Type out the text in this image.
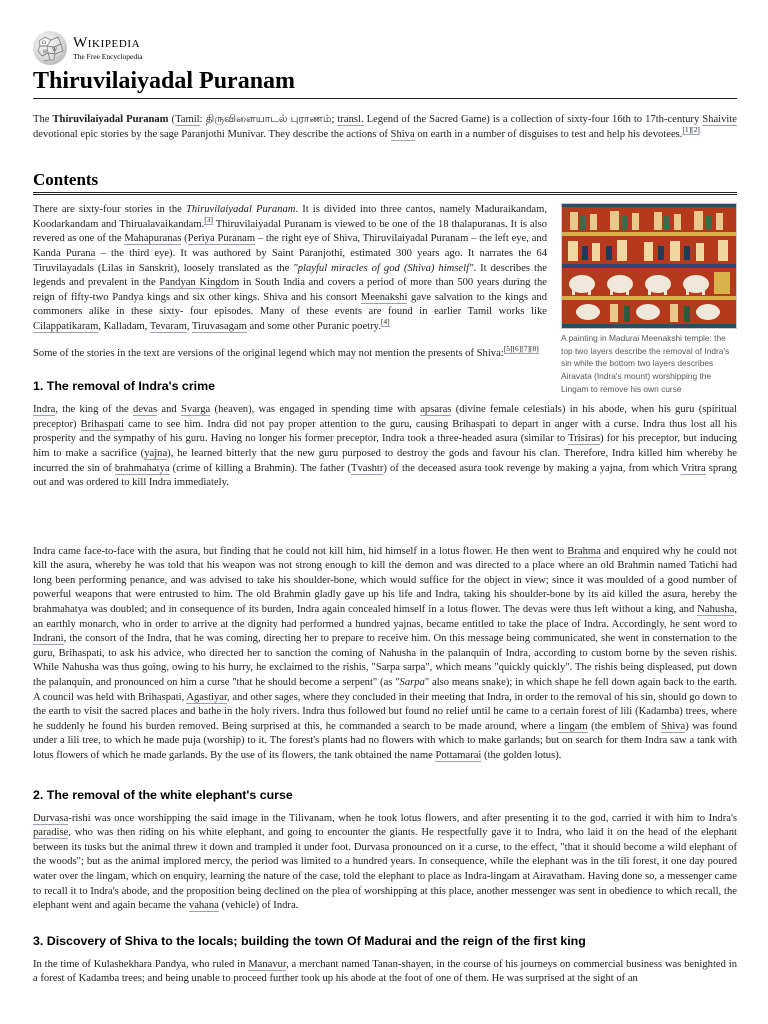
Ω
W
И
Wikipedia
The Free Encyclopedia
Thiruvilaiyadal Puranam

The Thiruvilaiyadal Puranam (Tamil: திருவிளையாடல் புராணம்; transl. Legend of the Sacred Game) is a collection of sixty-four 16th to 17th-century Shaivite devotional epic stories by the sage Paranjothi Munivar. They describe the actions of Shiva on earth in a number of disguises to test and help his devotees.[1][2]

Contents
A painting in Madurai Meenakshi temple: the top two layers describe the removal of Indra's sin while the bottom two layers describes Airavata (Indra's mount) worshipping the Lingam to remove his own curse

There are sixty-four stories in the Thiruvilaiyadal Puranam. It is divided into three cantos, namely Maduraikandam, Koodarkandam and Thirualavaikandam.[3] Thiruvilaiyadal Puranam is viewed to be one of the 18 thalapuranas. It is also revered as one of the Mahapuranas (Periya Puranam – the right eye of Shiva, Thiruvilaiyadal Puranam – the left eye, and Kanda Purana – the third eye). It was authored by Saint Paranjothi, estimated 300 years ago. It narrates the 64 Tiruvilayadals (Lilas in Sanskrit), loosely translated as the "playful miracles of god (Shiva) himself". It describes the legends and prevalent in the Pandyan Kingdom in South India and covers a period of more than 500 years during the reign of fifty-two Pandya kings and six other kings. Shiva and his consort Meenakshi gave salvation to the kings and commoners alike in these sixty- four episodes. Many of these events are found in earlier Tamil works like Cilappatikaram, Kalladam, Tevaram, Tiruvasagam and some other Puranic poetry.[4]

Some of the stories in the text are versions of the original legend which may not mention the presents of Shiva:[5][6][7][8]

1. The removal of Indra's crime

Indra, the king of the devas and Svarga (heaven), was engaged in spending time with apsaras (divine female celestials) in his abode, when his guru (spiritual preceptor) Brihaspati came to see him. Indra did not pay proper attention to the guru, causing Brihaspati to depart in anger with a curse. Indra thus lost all his prosperity and the sympathy of his guru. Having no longer his former preceptor, Indra took a three-headed asura (similar to Trisiras) for his preceptor, but inducing him to make a sacrifice (yajna), he learned bitterly that the new guru purposed to destroy the gods and favour his clan. Therefore, Indra killed him whereby he incurred the sin of brahmahatya (crime of killing a Brahmin). The father (Tvashtr) of the deceased asura took revenge by making a yajna, from which Vritra sprang out and was ordered to kill Indra immediately.

Indra came face-to-face with the asura, but finding that he could not kill him, hid himself in a lotus flower. He then went to Brahma and enquired why he could not kill the asura, whereby he was told that his weapon was not strong enough to kill the demon and was directed to a place where an old Brahmin named Tatichi had long been performing penance, and was advised to take his shoulder-bone, which would suffice for the object in view; since it was moulded of a good number of powerful weapons that were entrusted to him. The old Brahmin gladly gave up his life and Indra, taking his shoulder-bone by its aid killed the asura, hereby the brahmahatya was doubled; and in consequence of its burden, Indra again concealed himself in a lotus flower. The devas were thus left without a king, and Nahusha, an earthly monarch, who in order to arrive at the dignity had performed a hundred yajnas, became entitled to take the place of Indra. Accordingly, he sent word to Indrani, the consort of the Indra, that he was coming, directing her to prepare to receive him. On this message being communicated, she went in consternation to the guru, Brihaspati, to ask his advice, who directed her to sanction the coming of Nahusha in the palanquin of Indra, according to custom borne by the seven rishis. While Nahusha was thus going, owing to his hurry, he exclaimed to the rishis, "Sarpa sarpa", which means "quickly quickly". The rishis being displeased, put down the palanquin, and pronounced on him a curse "that he should become a serpent" (as "Sarpa" also means snake); in which shape he fell down again back to the earth. A council was held with Brihaspati, Agastiyar, and other sages, where they concluded in their meeting that Indra, in order to the removal of his sin, should go down to the earth to visit the sacred places and bathe in the holy rivers. Indra thus followed but found no relief until he came to a certain forest of lili (Kadamba) trees, where he suddenly he found his burden removed. Being surprised at this, he commanded a search to be made around, where a lingam (the emblem of Shiva) was found under a lili tree, to which he made puja (worship) to it. The forest's plants had no flowers with which to make garlands; but on search for them Indra saw a tank with lotus flowers of which he made garlands. By the use of its flowers, the tank obtained the name Pottamarai (the golden lotus).

2. The removal of the white elephant's curse

Durvasa-rishi was once worshipping the said image in the Tilivanam, when he took lotus flowers, and after presenting it to the god, carried it with him to Indra's paradise, who was then riding on his white elephant, and going to encounter the giants. He respectfully gave it to Indra, who laid it on the head of the elephant between its tusks but the animal threw it down and trampled it under foot. Durvasa pronounced on it a curse, to the effect, "that it should become a wild elephant of the woods"; but as the animal implored mercy, the period was limited to a hundred years. In consequence, while the elephant was in the tili forest, it one day poured water over the lingam, which on enquiry, learning the nature of the case, told the elephant to place as Indra-lingam at Airavatham. Having done so, a messenger came to recall it to Indra's abode, and the proposition being declined on the plea of worshipping at this place, another messenger was sent in obedience to which recall, the elephant went and again became the vahana (vehicle) of Indra.

3. Discovery of Shiva to the locals; building the town Of Madurai and the reign of the first king

In the time of Kulashekhara Pandya, who ruled in Manavur, a merchant named Tanan-shayen, in the course of his journeys on commercial business was benighted in a forest of Kadamba trees; and being unable to proceed further took up his abode at the foot of one of them. He was surprised at the sight of an
